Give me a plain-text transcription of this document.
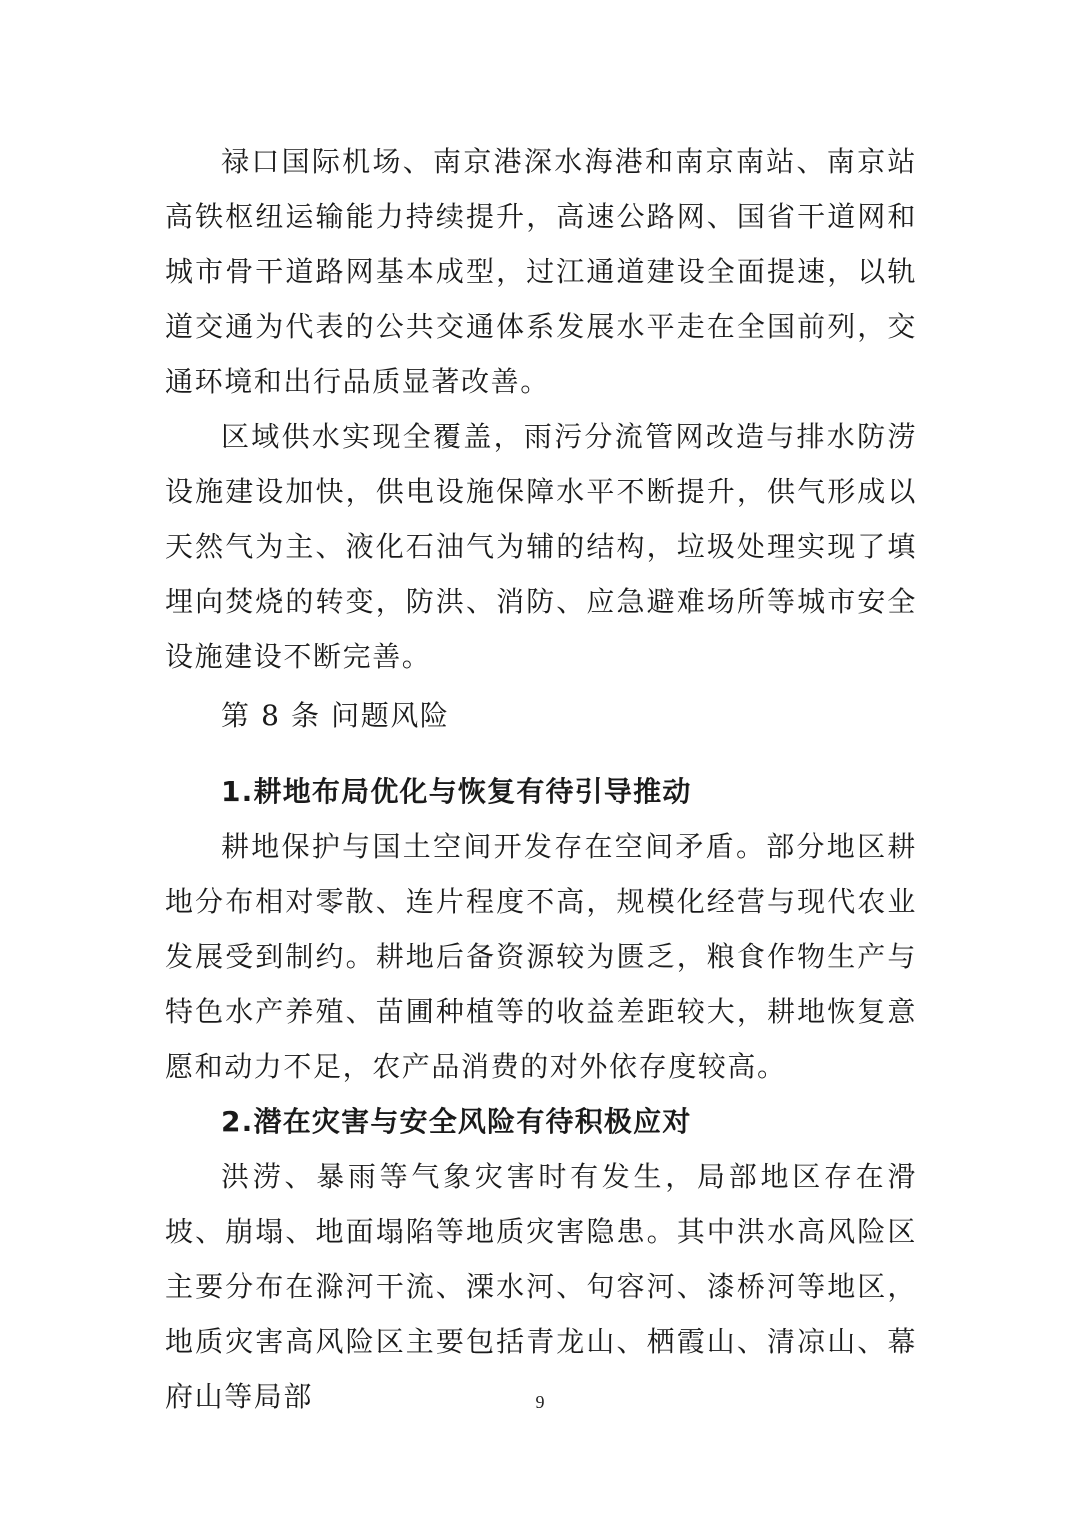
禄口国际机场、南京港深水海港和南京南站、南京站高铁枢纽运输能力持续提升，高速公路网、国省干道网和城市骨干道路网基本成型，过江通道建设全面提速，以轨道交通为代表的公共交通体系发展水平走在全国前列，交通环境和出行品质显著改善。

区域供水实现全覆盖，雨污分流管网改造与排水防涝设施建设加快，供电设施保障水平不断提升，供气形成以天然气为主、液化石油气为辅的结构，垃圾处理实现了填埋向焚烧的转变，防洪、消防、应急避难场所等城市安全设施建设不断完善。

第 8 条 问题风险

1.耕地布局优化与恢复有待引导推动

耕地保护与国土空间开发存在空间矛盾。部分地区耕地分布相对零散、连片程度不高，规模化经营与现代农业发展受到制约。耕地后备资源较为匮乏，粮食作物生产与特色水产养殖、苗圃种植等的收益差距较大，耕地恢复意愿和动力不足，农产品消费的对外依存度较高。

2.潜在灾害与安全风险有待积极应对

洪涝、暴雨等气象灾害时有发生，局部地区存在滑坡、崩塌、地面塌陷等地质灾害隐患。其中洪水高风险区主要分布在滁河干流、溧水河、句容河、漆桥河等地区，地质灾害高风险区主要包括青龙山、栖霞山、清凉山、幕府山等局部	9
